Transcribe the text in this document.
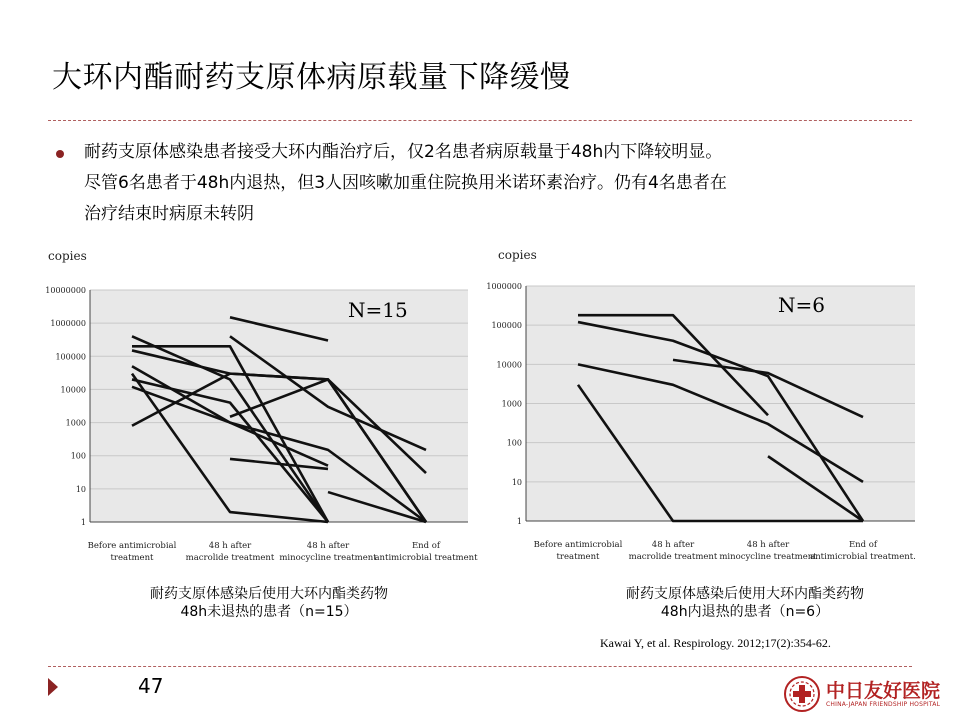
大环内酯耐药支原体病原载量下降缓慢
耐药支原体感染患者接受大环内酯治疗后，仅2名患者病原载量于48h内下降较明显。
尽管6名患者于48h内退热，但3人因咳嗽加重住院换用米诺环素治疗。仍有4名患者在
治疗结束时病原未转阴
10000000
1000000
100000
10000
1000
100
10
1
copies
Before antimicrobial
treatment
48 h after
macrolide treatment
48 h after
minocycline treatment
End of
antimicrobial treatment
N=15
1000000
100000
10000
1000
100
10
1
copies
Before antimicrobial
treatment
48 h after
macrolide treatment
48 h after
minocycline treatment
End of
antimicrobial treatment.
N=6
耐药支原体感染后使用大环内酯类药物
48h未退热的患者（n=15）
耐药支原体感染后使用大环内酯类药物
48h内退热的患者（n=6）
Kawai Y, et al. Respirology. 2012;17(2):354-62.
47	中日友好医院
CHINA-JAPAN FRIENDSHIP HOSPITAL
